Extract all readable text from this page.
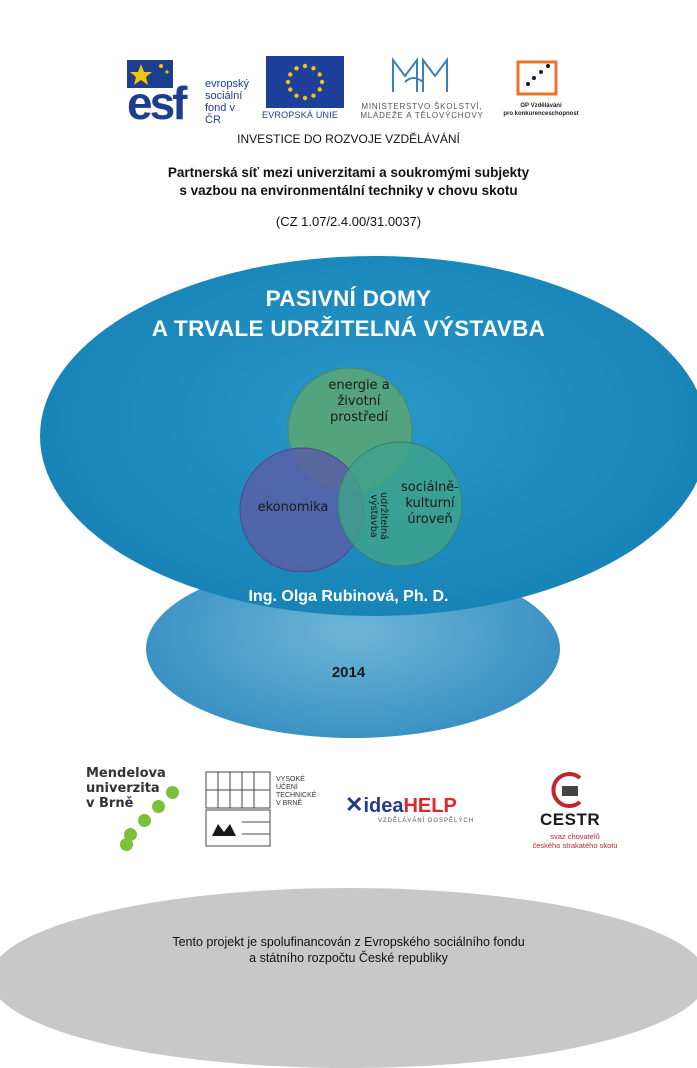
esf evropský
sociální
fond v ČR	EVROPSKÁ UNIE
MINISTERSTVO ŠKOLSTVÍ,
MLÁDEŽE A TĚLOVÝCHOVY
OP Vzdělávání
pro konkurenceschopnost
INVESTICE DO ROZVOJE VZDĚLÁVÁNÍ
Partnerská síť mezi univerzitami a soukromými subjekty
s vazbou na environmentální techniky v chovu skotu
(CZ 1.07/2.4.00/31.0037)
PASIVNÍ DOMY
A TRVALE UDRŽITELNÁ VÝSTAVBA
energie a
životní
prostředí
ekonomika
sociálně-
kulturní
úroveň
udržitelná
výstavba
Ing. Olga Rubinová, Ph. D.
2014
Mendelova
univerzita
v Brně
VYSOKÉ
UČENÍ
TECHNICKÉ
V BRNĚ	✕ideaHELP
VZDĚLÁVÁNÍ DOSPĚLÝCH	CESTR
svaz chovatelů
českého strakatého skotu
Tento projekt je spolufinancován z Evropského sociálního fondu
a státního rozpočtu České republiky
